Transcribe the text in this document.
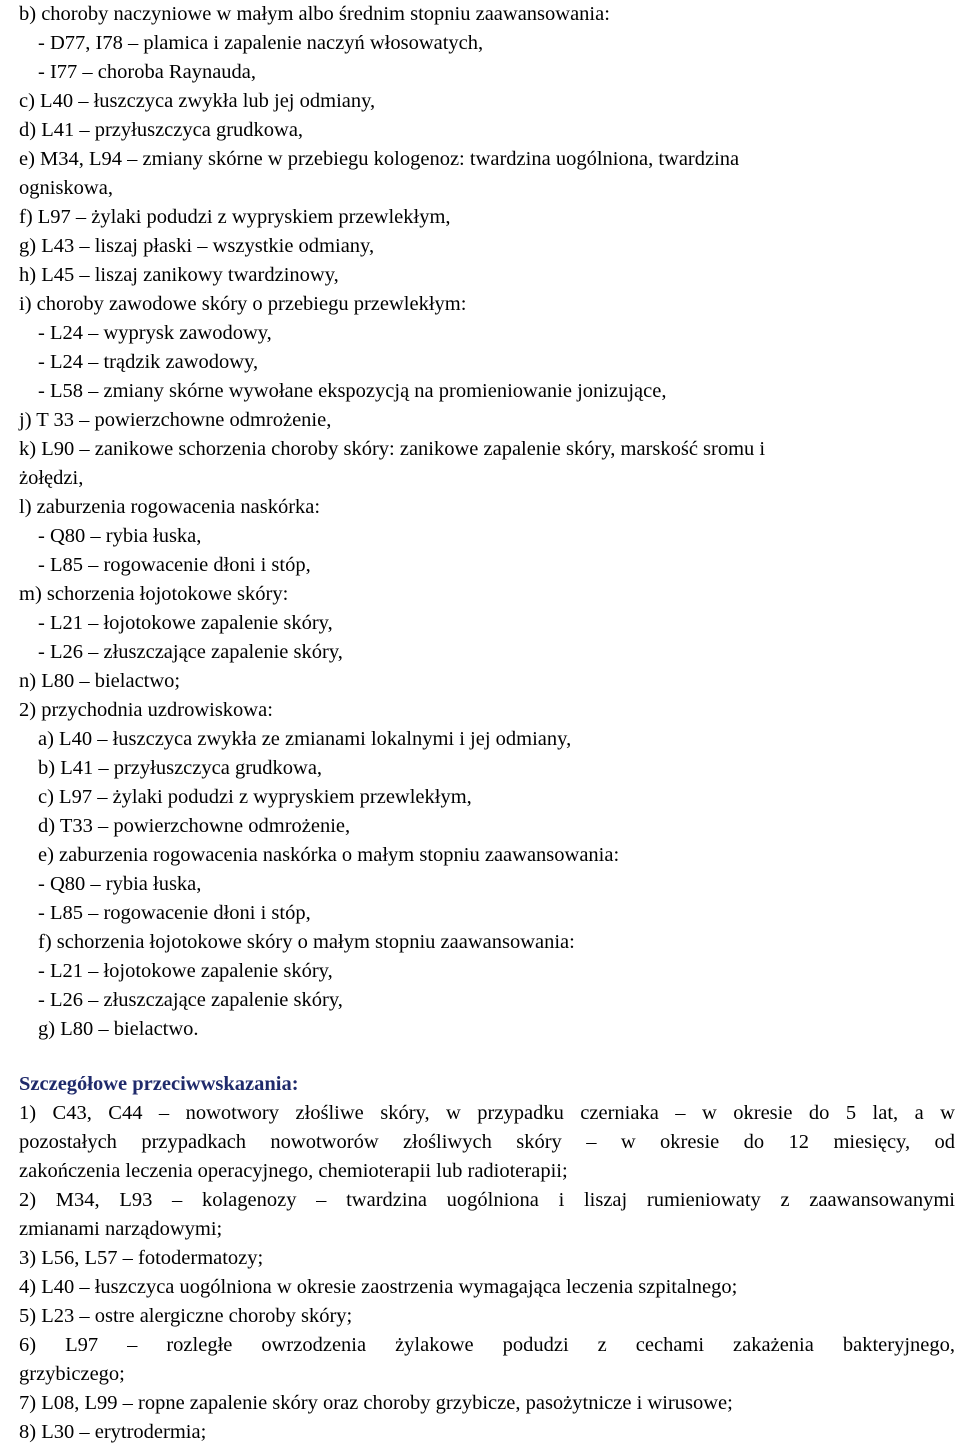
b) choroby naczyniowe w małym albo średnim stopniu zaawansowania:
- D77, I78 – plamica i zapalenie naczyń włosowatych,
- I77 – choroba Raynauda,
c) L40 – łuszczyca zwykła lub jej odmiany,
d) L41 – przyłuszczyca grudkowa,
e) M34, L94 – zmiany skórne w przebiegu kologenoz: twardzina uogólniona, twardzina
ogniskowa,
f) L97 – żylaki podudzi z wypryskiem przewlekłym,
g) L43 – liszaj płaski – wszystkie odmiany,
h) L45 – liszaj zanikowy twardzinowy,
i) choroby zawodowe skóry o przebiegu przewlekłym:
- L24 – wyprysk zawodowy,
- L24 – trądzik zawodowy,
- L58 – zmiany skórne wywołane ekspozycją na promieniowanie jonizujące,
j) T 33 – powierzchowne odmrożenie,
k) L90 – zanikowe schorzenia choroby skóry: zanikowe zapalenie skóry, marskość sromu i
żołędzi,
l) zaburzenia rogowacenia naskórka:
- Q80 – rybia łuska,
- L85 – rogowacenie dłoni i stóp,
m) schorzenia łojotokowe skóry:
- L21 – łojotokowe zapalenie skóry,
- L26 – złuszczające zapalenie skóry,
n) L80 – bielactwo;
2) przychodnia uzdrowiskowa:
a) L40 – łuszczyca zwykła ze zmianami lokalnymi i jej odmiany,
b) L41 – przyłuszczyca grudkowa,
c) L97 – żylaki podudzi z wypryskiem przewlekłym,
d) T33 – powierzchowne odmrożenie,
e) zaburzenia rogowacenia naskórka o małym stopniu zaawansowania:
- Q80 – rybia łuska,
- L85 – rogowacenie dłoni i stóp,
f) schorzenia łojotokowe skóry o małym stopniu zaawansowania:
- L21 – łojotokowe zapalenie skóry,
- L26 – złuszczające zapalenie skóry,
g) L80 – bielactwo.
Szczegółowe przeciwwskazania:
1) C43, C44 – nowotwory złośliwe skóry, w przypadku czerniaka – w okresie do 5 lat, a w
pozostałych przypadkach nowotworów złośliwych skóry – w okresie do 12 miesięcy, od
zakończenia leczenia operacyjnego, chemioterapii lub radioterapii;
2) M34, L93 – kolagenozy – twardzina uogólniona i liszaj rumieniowaty z zaawansowanymi
zmianami narządowymi;
3) L56, L57 – fotodermatozy;
4) L40 – łuszczyca uogólniona w okresie zaostrzenia wymagająca leczenia szpitalnego;
5) L23 – ostre alergiczne choroby skóry;
6) L97 – rozległe owrzodzenia żylakowe podudzi z cechami zakażenia bakteryjnego,
grzybiczego;
7) L08, L99 – ropne zapalenie skóry oraz choroby grzybicze, pasożytnicze i wirusowe;
8) L30 – erytrodermia;
